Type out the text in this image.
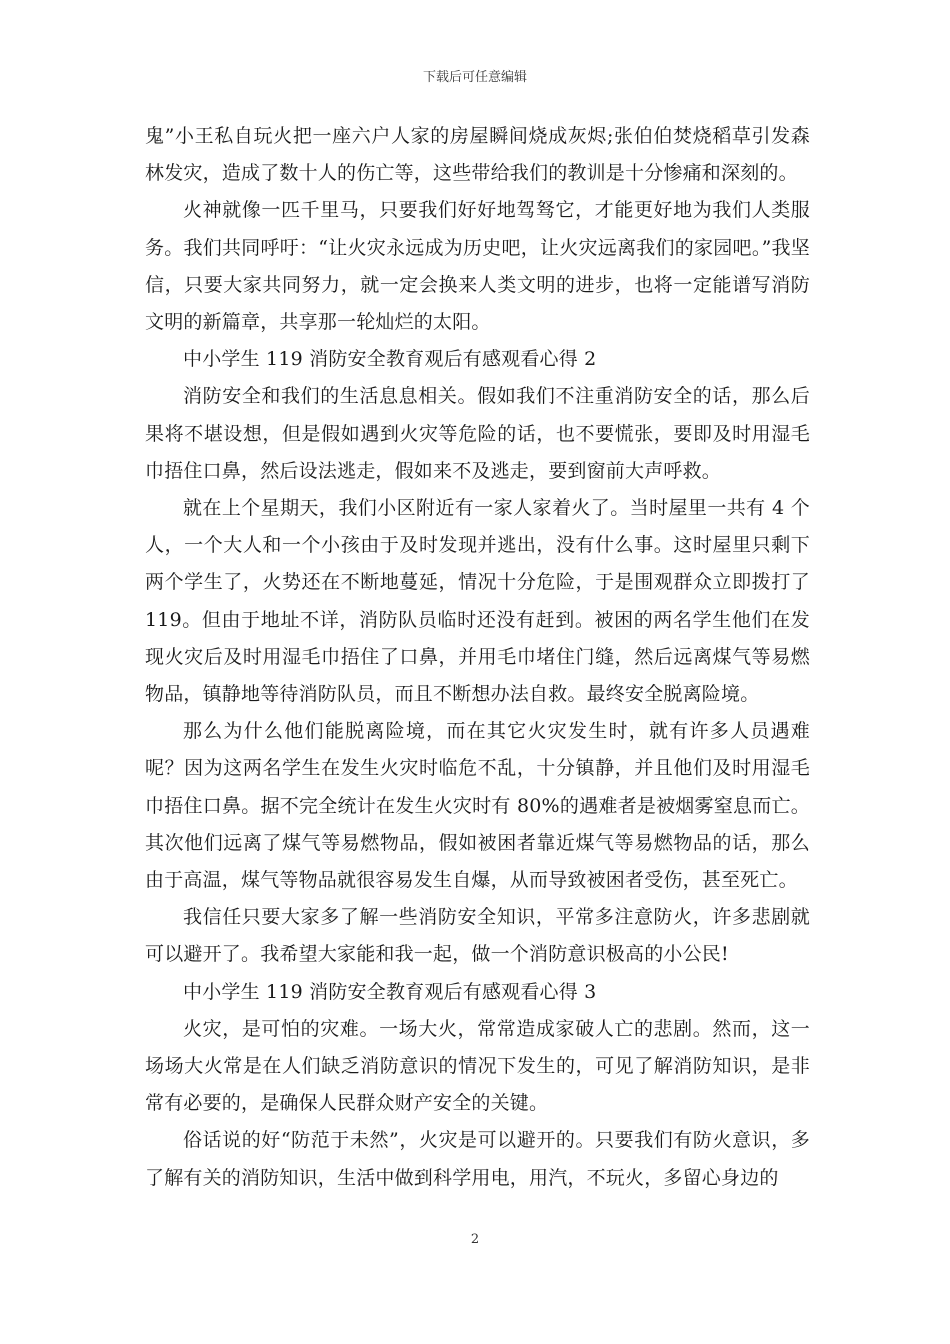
下载后可任意编辑

鬼”小王私自玩火把一座六户人家的房屋瞬间烧成灰烬;张伯伯焚烧稻草引发森林发灾，造成了数十人的伤亡等，这些带给我们的教训是十分惨痛和深刻的。

火神就像一匹千里马，只要我们好好地驾驽它，才能更好地为我们人类服务。我们共同呼吁：“让火灾永远成为历史吧，让火灾远离我们的家园吧。”我坚信，只要大家共同努力，就一定会换来人类文明的进步，也将一定能谱写消防文明的新篇章，共享那一轮灿烂的太阳。

中小学生 119 消防安全教育观后有感观看心得 2

消防安全和我们的生活息息相关。假如我们不注重消防安全的话，那么后果将不堪设想，但是假如遇到火灾等危险的话，也不要慌张，要即及时用湿毛巾捂住口鼻，然后设法逃走，假如来不及逃走，要到窗前大声呼救。

就在上个星期天，我们小区附近有一家人家着火了。当时屋里一共有 4 个人，一个大人和一个小孩由于及时发现并逃出，没有什么事。这时屋里只剩下两个学生了，火势还在不断地蔓延，情况十分危险，于是围观群众立即拨打了 119。但由于地址不详，消防队员临时还没有赶到。被困的两名学生他们在发现火灾后及时用湿毛巾捂住了口鼻，并用毛巾堵住门缝，然后远离煤气等易燃物品，镇静地等待消防队员，而且不断想办法自救。最终安全脱离险境。

那么为什么他们能脱离险境，而在其它火灾发生时，就有许多人员遇难呢？因为这两名学生在发生火灾时临危不乱，十分镇静，并且他们及时用湿毛巾捂住口鼻。据不完全统计在发生火灾时有 80%的遇难者是被烟雾窒息而亡。其次他们远离了煤气等易燃物品，假如被困者靠近煤气等易燃物品的话，那么由于高温，煤气等物品就很容易发生自爆，从而导致被困者受伤，甚至死亡。

我信任只要大家多了解一些消防安全知识，平常多注意防火，许多悲剧就可以避开了。我希望大家能和我一起，做一个消防意识极高的小公民!

中小学生 119 消防安全教育观后有感观看心得 3

火灾，是可怕的灾难。一场大火，常常造成家破人亡的悲剧。然而，这一场场大火常是在人们缺乏消防意识的情况下发生的，可见了解消防知识，是非常有必要的，是确保人民群众财产安全的关键。

俗话说的好“防范于未然”，火灾是可以避开的。只要我们有防火意识，多了解有关的消防知识，生活中做到科学用电，用汽，不玩火，多留心身边的

2
